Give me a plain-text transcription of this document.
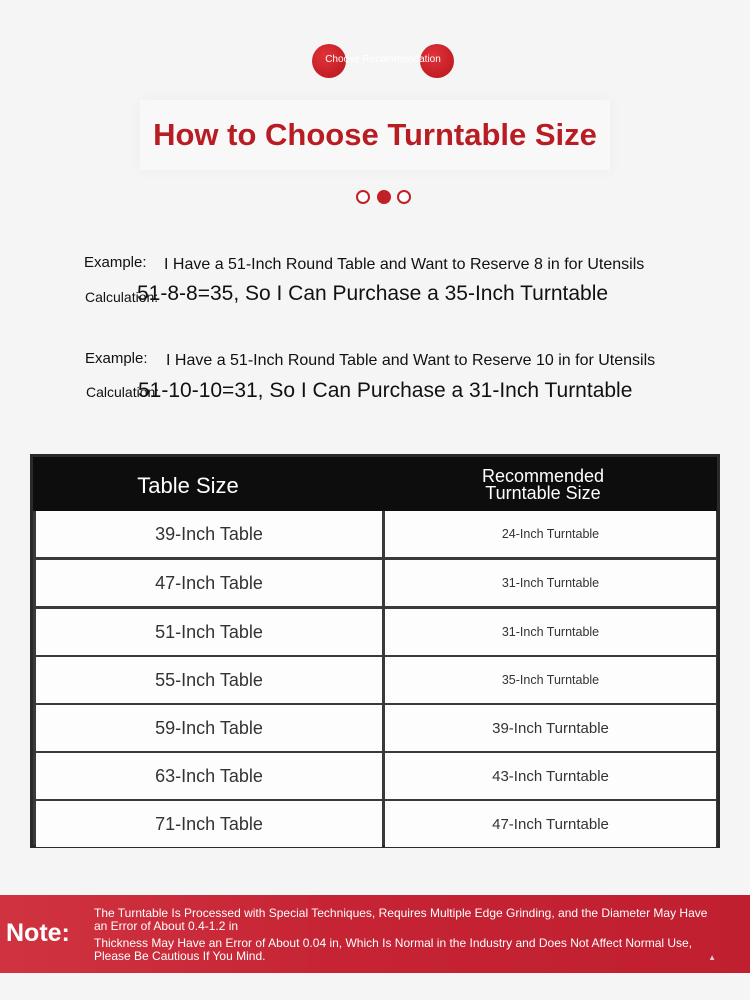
Choose Recommendation
How to Choose Turntable Size
Example: I Have a 51-Inch Round Table and Want to Reserve 8 in for Utensils
Calculation:
51-8-8=35, So I Can Purchase a 35-Inch Turntable
Example: I Have a 51-Inch Round Table and Want to Reserve 10 in for Utensils
Calculation:
51-10-10=31, So I Can Purchase a 31-Inch Turntable
Table Size	Recommended
Turntable Size
39-Inch Table	24-Inch Turntable
47-Inch Table	31-Inch Turntable
51-Inch Table	31-Inch Turntable
55-Inch Table	35-Inch Turntable
59-Inch Table	39-Inch Turntable
63-Inch Table	43-Inch Turntable
71-Inch Table	47-Inch Turntable
Note:
The Turntable Is Processed with Special Techniques, Requires Multiple Edge Grinding, and the Diameter May Have an Error of About 0.4-1.2 in
Thickness May Have an Error of About 0.04 in, Which Is Normal in the Industry and Does Not Affect Normal Use, Please Be Cautious If You Mind.	▲
